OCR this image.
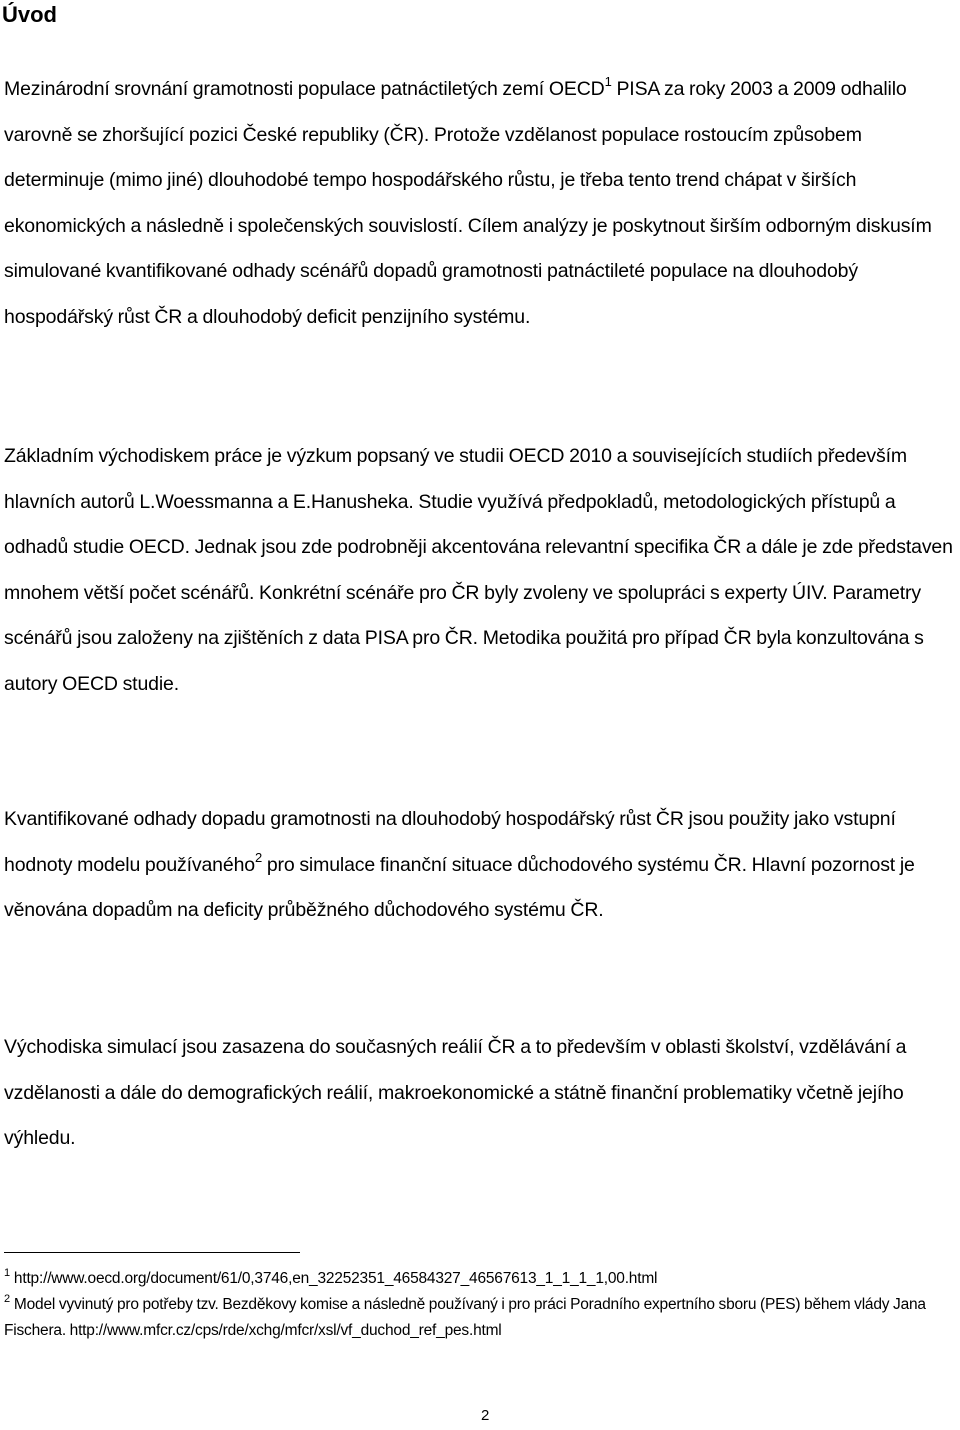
Úvod

Mezinárodní srovnání gramotnosti populace patnáctiletých zemí OECD$^1$ PISA za roky 2003 a 2009 odhalilo varovně se zhoršující pozici České republiky (ČR). Protože vzdělanost populace rostoucím způsobem determinuje (mimo jiné) dlouhodobé tempo hospodářského růstu, je třeba tento trend chápat v širších ekonomických a následně i společenských souvislostí. Cílem analýzy je poskytnout širším odborným diskusím simulované kvantifikované odhady scénářů dopadů gramotnosti patnáctileté populace na dlouhodobý hospodářský růst ČR a dlouhodobý deficit penzijního systému.

Základním východiskem práce je výzkum popsaný ve studii OECD 2010 a souvisejících studiích především hlavních autorů L.Woessmanna a E.Hanusheka. Studie využívá předpokladů, metodologických přístupů a odhadů studie OECD. Jednak jsou zde podrobněji akcentována relevantní specifika ČR a dále je zde představen mnohem větší počet scénářů. Konkrétní scénáře pro ČR byly zvoleny ve spolupráci s experty ÚIV. Parametry scénářů jsou založeny na zjištěních z data PISA pro ČR. Metodika použitá pro případ ČR byla konzultována s autory OECD studie.

Kvantifikované odhady dopadu gramotnosti na dlouhodobý hospodářský růst ČR jsou použity jako vstupní hodnoty modelu používaného$^2$ pro simulace finanční situace důchodového systému ČR. Hlavní pozornost je věnována dopadům na deficity průběžného důchodového systému ČR.

Východiska simulací jsou zasazena do současných reálií ČR a to především v oblasti školství, vzdělávání a vzdělanosti a dále do demografických reálií, makroekonomické a státně finanční problematiky včetně jejího výhledu.

$^1$ http://www.oecd.org/document/61/0,3746,en_32252351_46584327_46567613_1_1_1_1,00.html

$^2$ Model vyvinutý pro potřeby tzv. Bezděkovy komise a následně používaný i pro práci Poradního expertního sboru (PES) během vlády Jana Fischera. http://www.mfcr.cz/cps/rde/xchg/mfcr/xsl/vf_duchod_ref_pes.html

2
